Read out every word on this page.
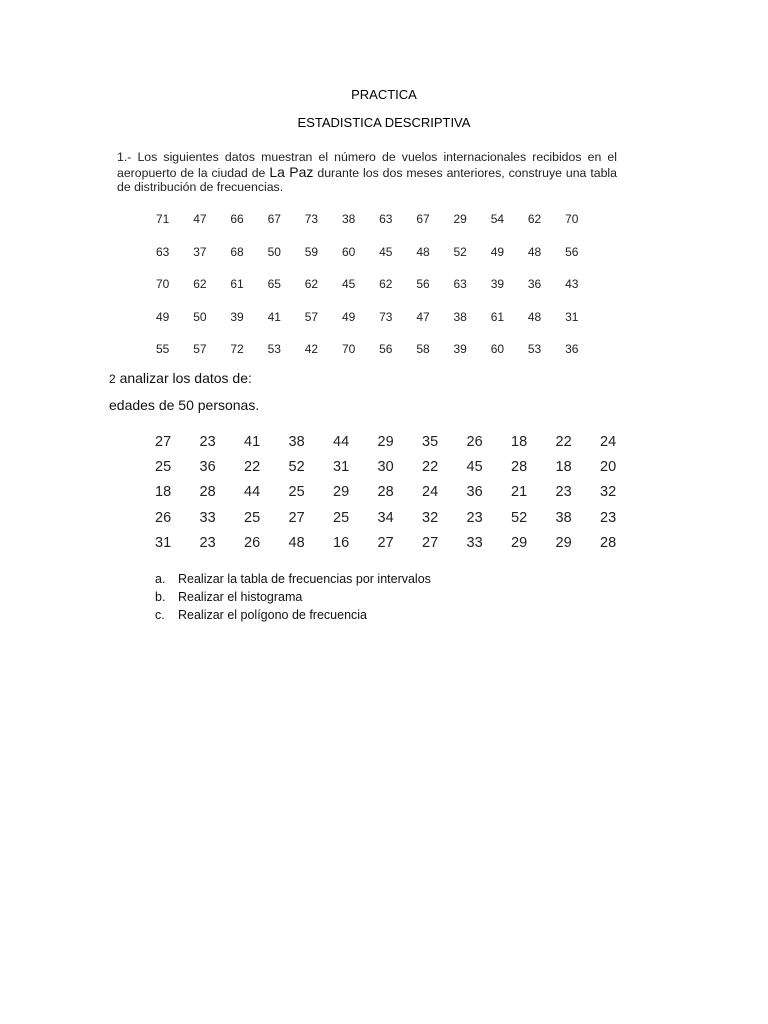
PRACTICA
ESTADISTICA DESCRIPTIVA
1.- Los siguientes datos muestran el número de vuelos internacionales recibidos en el aeropuerto de la ciudad de La Paz durante los dos meses anteriores, construye una tabla de distribución de frecuencias.
71	47	66	67	73	38	63	67	29	54	62	70
63	37	68	50	59	60	45	48	52	49	48	56
70	62	61	65	62	45	62	56	63	39	36	43
49	50	39	41	57	49	73	47	38	61	48	31
55	57	72	53	42	70	56	58	39	60	53	36
2 analizar los datos de:
edades de 50 personas.
27	23	41	38	44	29	35	26	18	22	24
25	36	22	52	31	30	22	45	28	18	20
18	28	44	25	29	28	24	36	21	23	32
26	33	25	27	25	34	32	23	52	38	23
31	23	26	48	16	27	27	33	29	29	28
a.	Realizar la tabla de frecuencias por intervalos
b.	Realizar el histograma
c.	Realizar el polígono de frecuencia
